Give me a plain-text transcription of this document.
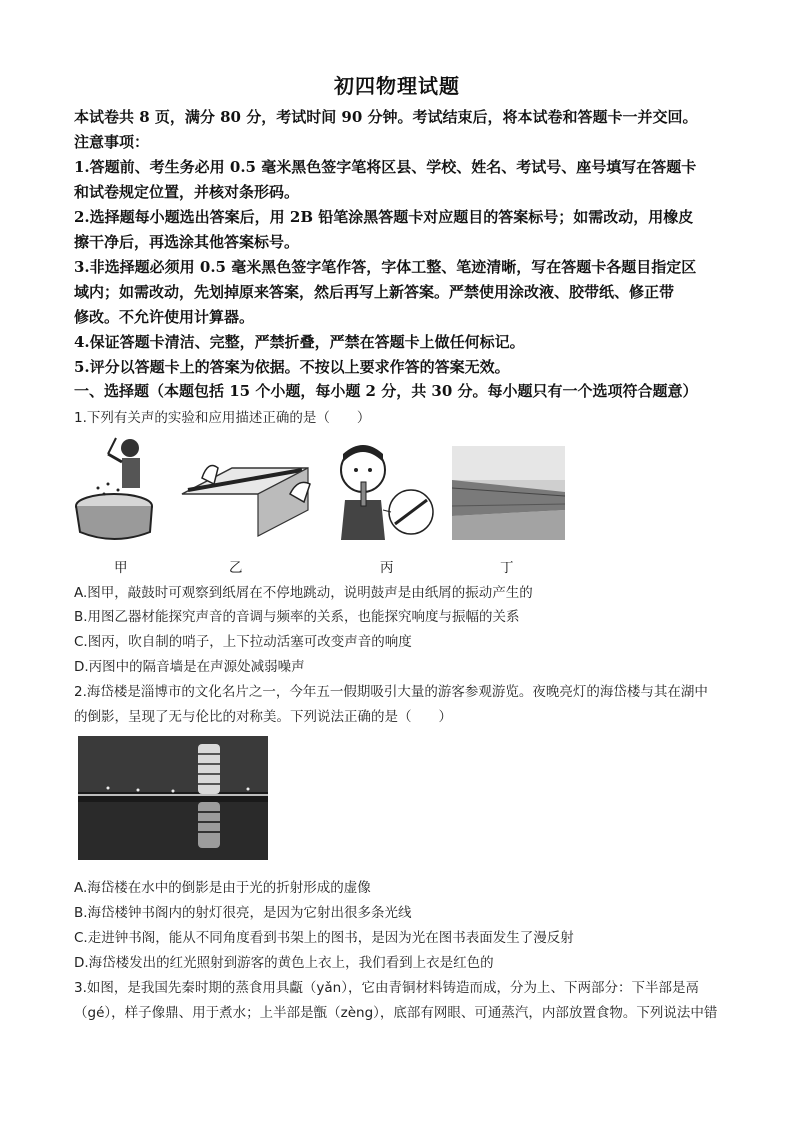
初四物理试题
本试卷共 8 页，满分 80 分，考试时间 90 分钟。考试结束后，将本试卷和答题卡一并交回。
注意事项：
1.答题前、考生务必用 0.5 毫米黑色签字笔将区县、学校、姓名、考试号、座号填写在答题卡
和试卷规定位置，并核对条形码。
2.选择题每小题选出答案后，用 2B 铅笔涂黑答题卡对应题目的答案标号；如需改动，用橡皮
擦干净后，再选涂其他答案标号。
3.非选择题必须用 0.5 毫米黑色签字笔作答，字体工整、笔迹清晰，写在答题卡各题目指定区
域内；如需改动，先划掉原来答案，然后再写上新答案。严禁使用涂改液、胶带纸、修正带
修改。不允许使用计算器。
4.保证答题卡清洁、完整，严禁折叠，严禁在答题卡上做任何标记。
5.评分以答题卡上的答案为依据。不按以上要求作答的答案无效。
一、选择题（本题包括 15 个小题，每小题 2 分，共 30 分。每小题只有一个选项符合题意）
1.下列有关声的实验和应用描述正确的是（　　）
甲	乙	丙	丁
A.图甲，敲鼓时可观察到纸屑在不停地跳动，说明鼓声是由纸屑的振动产生的
B.用图乙器材能探究声音的音调与频率的关系，也能探究响度与振幅的关系
C.图丙，吹自制的哨子，上下拉动活塞可改变声音的响度
D.丙图中的隔音墙是在声源处减弱噪声
2.海岱楼是淄博市的文化名片之一，今年五一假期吸引大量的游客参观游览。夜晚亮灯的海岱楼与其在湖中
的倒影，呈现了无与伦比的对称美。下列说法正确的是（　　）
A.海岱楼在水中的倒影是由于光的折射形成的虚像
B.海岱楼钟书阁内的射灯很亮，是因为它射出很多条光线
C.走进钟书阁，能从不同角度看到书架上的图书，是因为光在图书表面发生了漫反射
D.海岱楼发出的红光照射到游客的黄色上衣上，我们看到上衣是红色的
3.如图，是我国先秦时期的蒸食用具甗（yǎn），它由青铜材料铸造而成，分为上、下两部分：下半部是鬲
（gé），样子像鼎、用于煮水；上半部是甑（zèng），底部有网眼、可通蒸汽，内部放置食物。下列说法中错
